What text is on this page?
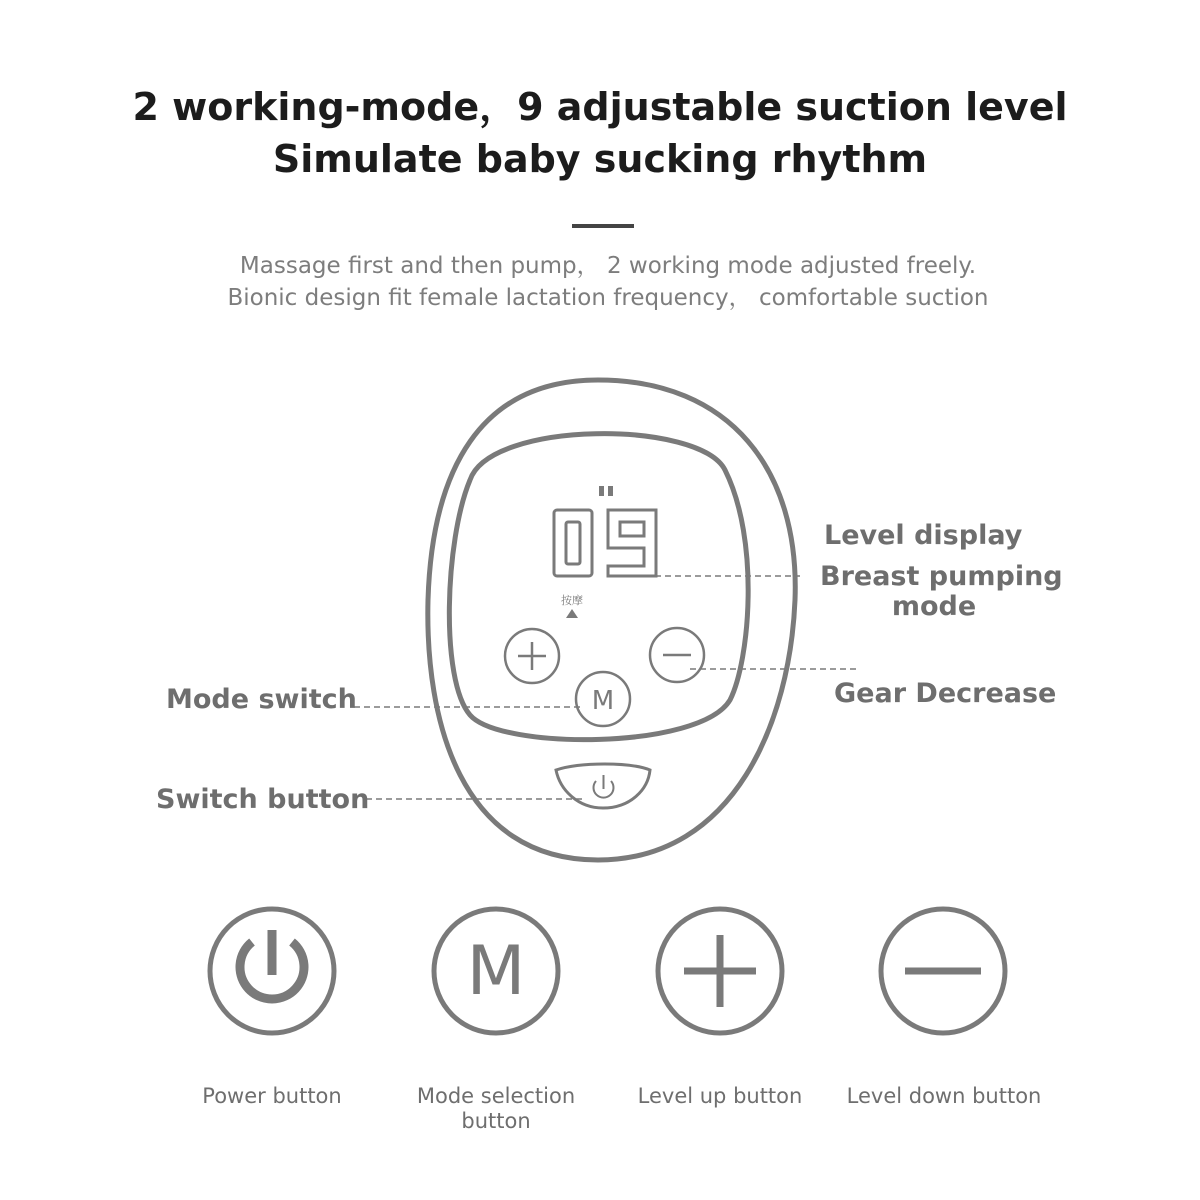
2 working-mode，9 adjustable suction level
Simulate baby sucking rhythm
Massage first and then pump， 2 working mode adjusted freely.
Bionic design fit female lactation frequency， comfortable suction
按摩
M
M
Level display
Breast pumping
mode
Gear Decrease
Mode switch
Switch button
Power button	Mode selection
button
Level up button	Level down button
